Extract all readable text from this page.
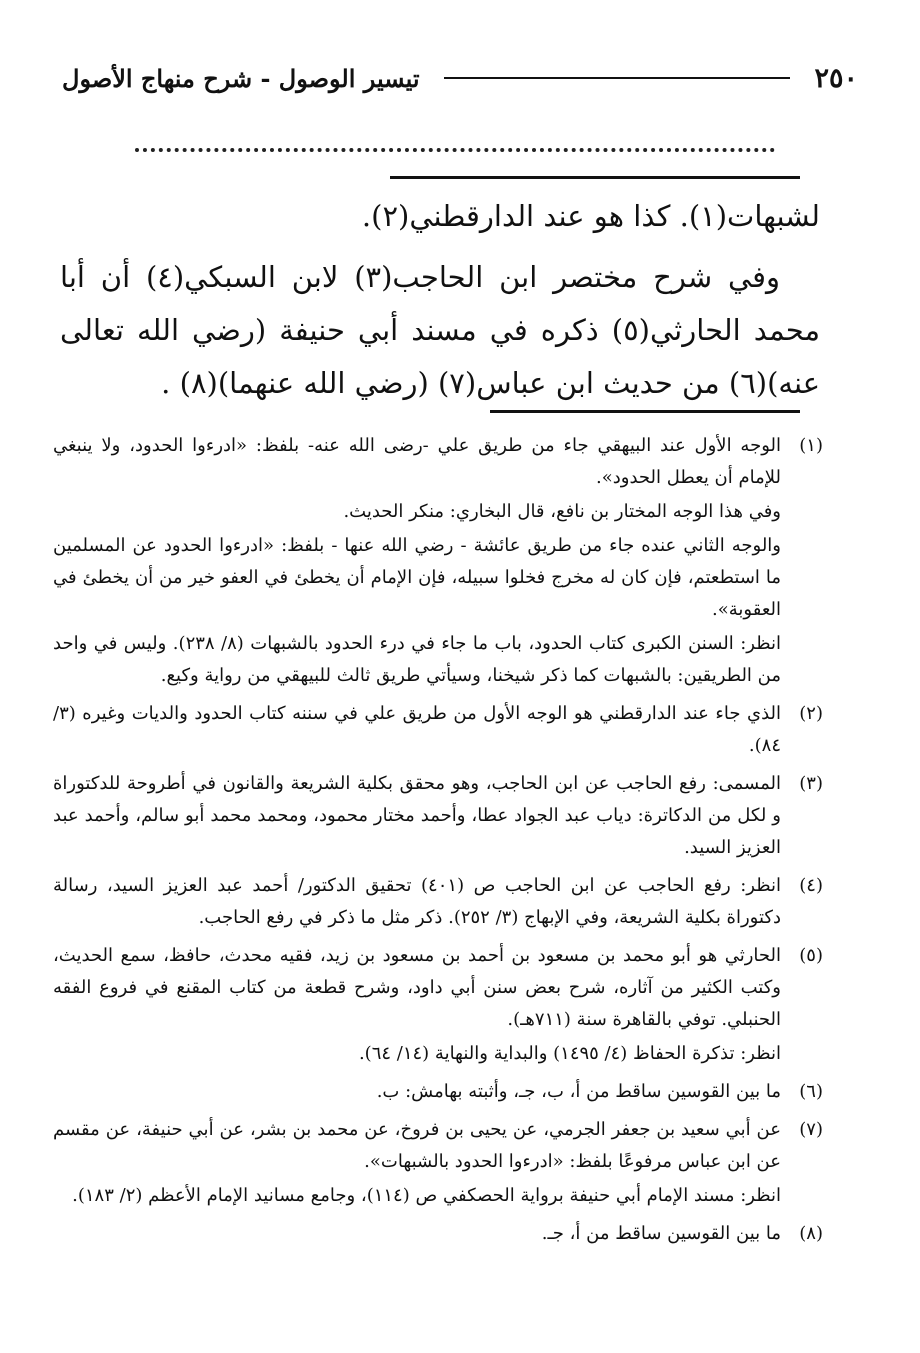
٢٥٠
تيسير الوصول - شرح منهاج الأصول

لشبهات(١). كذا هو عند الدارقطني(٢).

وفي شرح مختصر ابن الحاجب(٣) لابن السبكي(٤) أن أبا محمد الحارثي(٥) ذكره في مسند أبي حنيفة (رضي الله تعالى عنه)(٦) من حديث ابن عباس(٧) (رضي الله عنهما)(٨) .

(١)

الوجه الأول عند البيهقي جاء من طريق علي -رضى الله عنه- بلفظ: «ادرءوا الحدود، ولا ينبغي للإمام أن يعطل الحدود».

وفي هذا الوجه المختار بن نافع، قال البخاري: منكر الحديث.

والوجه الثاني عنده جاء من طريق عائشة - رضي الله عنها - بلفظ: «ادرءوا الحدود عن المسلمين ما استطعتم، فإن كان له مخرج فخلوا سبيله، فإن الإمام أن يخطئ في العفو خير من أن يخطئ في العقوبة».

انظر: السنن الكبرى كتاب الحدود، باب ما جاء في درء الحدود بالشبهات (٨/ ٢٣٨). وليس في واحد من الطريقين: بالشبهات كما ذكر شيخنا، وسيأتي طريق ثالث للبيهقي من رواية وكيع.

(٢)

الذي جاء عند الدارقطني هو الوجه الأول من طريق علي في سننه كتاب الحدود والديات وغيره (٣/ ٨٤).

(٣)

المسمى: رفع الحاجب عن ابن الحاجب، وهو محقق بكلية الشريعة والقانون في أطروحة للدكتوراة و لكل من الدكاترة: دياب عبد الجواد عطا، وأحمد مختار محمود، ومحمد محمد أبو سالم، وأحمد عبد العزيز السيد.

(٤)

انظر: رفع الحاجب عن ابن الحاجب ص (٤٠١) تحقيق الدكتور/ أحمد عبد العزيز السيد، رسالة دكتوراة بكلية الشريعة، وفي الإبهاج (٣/ ٢٥٢). ذكر مثل ما ذكر في رفع الحاجب.

(٥)

الحارثي هو أبو محمد بن مسعود بن أحمد بن مسعود بن زيد، فقيه محدث، حافظ، سمع الحديث، وكتب الكثير من آثاره، شرح بعض سنن أبي داود، وشرح قطعة من كتاب المقنع في فروع الفقه الحنبلي. توفي بالقاهرة سنة (٧١١هـ).

انظر: تذكرة الحفاظ (٤/ ١٤٩٥) والبداية والنهاية (١٤/ ٦٤).

(٦)

ما بين القوسين ساقط من أ، ب، جـ، وأثبته بهامش: ب.

(٧)

عن أبي سعيد بن جعفر الجرمي، عن يحيى بن فروخ، عن محمد بن بشر، عن أبي حنيفة، عن مقسم عن ابن عباس مرفوعًا بلفظ: «ادرءوا الحدود بالشبهات».

انظر: مسند الإمام أبي حنيفة برواية الحصكفي ص (١١٤)، وجامع مسانيد الإمام الأعظم (٢/ ١٨٣).

(٨)

ما بين القوسين ساقط من أ، جـ.
